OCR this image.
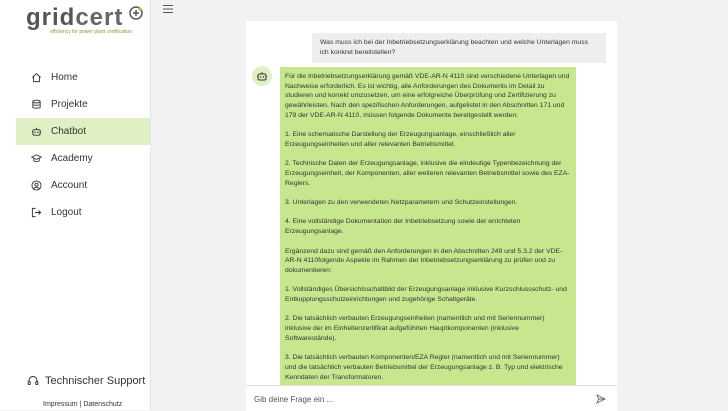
gridcert
efficiency for power plant certification
Home
Projekte
Chatbot
Academy
Account
Logout
Technischer Support
Impressum | Datenschutz
Was muss ich bei der Inbetriebsetzungserklärung beachten und welche Unterlagen muss ich konkret bereitstellen?

Für die Inbetriebsetzungserklärung gemäß VDE-AR-N 4110 sind verschiedene Unterlagen und Nachweise erforderlich. Es ist wichtig, alle Anforderungen des Dokuments im Detail zu studieren und korrekt umzusetzen, um eine erfolgreiche Überprüfung und Zertifizierung zu gewährleisten. Nach den spezifischen Anforderungen, aufgelistet in den Abschnitten 171 und 179 der VDE-AR-N 4110, müssen folgende Dokumente bereitgestellt werden:

1. Eine schematische Darstellung der Erzeugungsanlage, einschließlich aller Erzeugungseinheiten und aller relevanten Betriebsmittel.

2. Technische Daten der Erzeugungsanlage, inklusive die eindeutige Typenbezeichnung der Erzeugungseinheit, der Komponenten, aller weiteren relevanten Betriebsmittel sowie des EZA-Reglers.

3. Unterlagen zu den verwendeten Netzparametern und Schutzeinstellungen.

4. Eine vollständige Dokumentation der Inbetriebsetzung sowie der errichteten Erzeugungsanlage.

Ergänzend dazu sind gemäß den Anforderungen in den Abschnitten 249 und 5.3.2 der VDE-AR-N 4110folgende Aspekte im Rahmen der Inbetriebsetzungserklärung zu prüfen und zu dokumentieren:

1. Vollständiges Übersichtsschaltbild der Erzeugungsanlage inklusive Kurzschlussschutz- und Entkupplungsschutzeinrichtungen und zugehörige Schaltgeräte.

2. Die tatsächlich verbauten Erzeugungseinheiten (namentlich und mit Seriennummer) inklusive der im Einheitenzertifikat aufgeführten Hauptkomponenten (inklusive Softwarestände).

3. Die tatsächlich verbauten Komponenten/EZA Regler (namentlich und mit Seriennummer) und die tatsächlich verbauten Betriebsmittel der Erzeugungsanlage z. B. Typ und elektrische Kenndaten der Transformatoren.

Gib deine Frage ein ...
